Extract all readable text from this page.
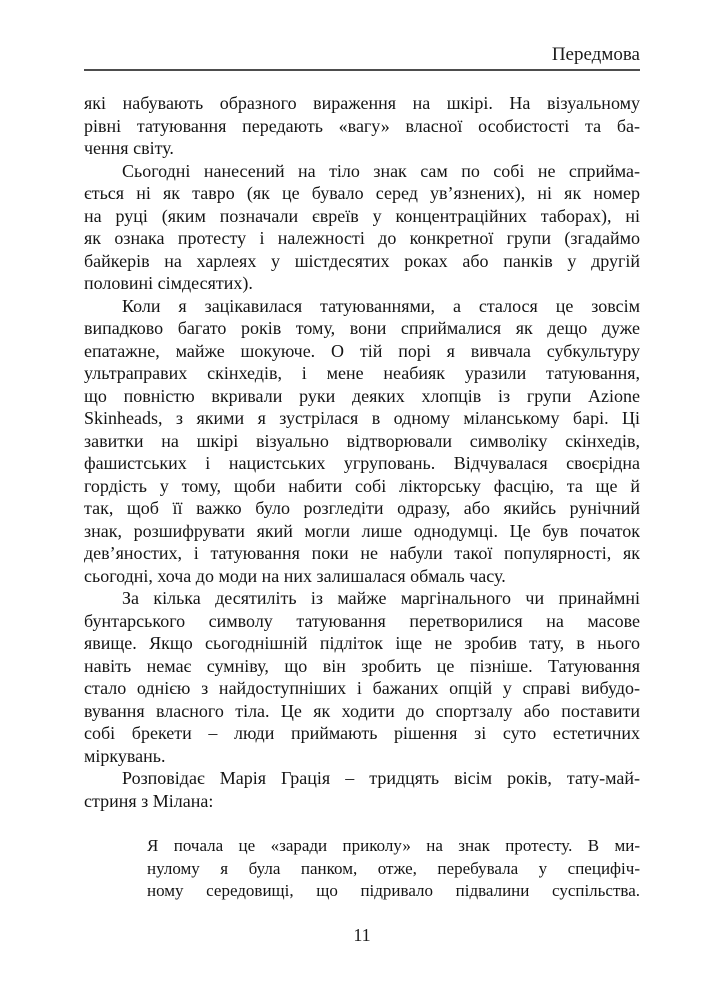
Передмова
які набувають образного вираження на шкірі. На візуальному
рівні татуювання передають «вагу» власної особистості та ба-
чення світу.
Сьогодні нанесений на тіло знак сам по собі не сприйма-
ється ні як тавро (як це бувало серед ув’язнених), ні як номер
на руці (яким позначали євреїв у концентраційних таборах), ні
як ознака протесту і належності до конкретної групи (згадаймо
байкерів на харлеях у шістдесятих роках або панків у другій
половині сімдесятих).
Коли я зацікавилася татуюваннями, а сталося це зовсім
випадково багато років тому, вони сприймалися як дещо дуже
епатажне, майже шокуюче. О тій порі я вивчала субкультуру
ультраправих скінхедів, і мене неабияк уразили татуювання,
що повністю вкривали руки деяких хлопців із групи Azione
Skinheads, з якими я зустрілася в одному міланському барі. Ці
завитки на шкірі візуально відтворювали символіку скінхедів,
фашистських і нацистських угруповань. Відчувалася своєрідна
гордість у тому, щоби набити собі лікторську фасцію, та ще й
так, щоб її важко було розгледіти одразу, або якийсь рунічний
знак, розшифрувати який могли лише однодумці. Це був початок
дев’яностих, і татуювання поки не набули такої популярності, як
сьогодні, хоча до моди на них залишалася обмаль часу.
За кілька десятиліть із майже маргінального чи принаймні
бунтарського символу татуювання перетворилися на масове
явище. Якщо сьогоднішній підліток іще не зробив тату, в нього
навіть немає сумніву, що він зробить це пізніше. Татуювання
стало однією з найдоступніших і бажаних опцій у справі вибудо-
вування власного тіла. Це як ходити до спортзалу або поставити
собі брекети – люди приймають рішення зі суто естетичних
міркувань.
Розповідає Марія Грація – тридцять вісім років, тату-май-
стриня з Мілана:
Я почала це «заради приколу» на знак протесту. В ми-
нулому я була панком, отже, перебувала у специфіч-
ному середовищі, що підривало підвалини суспільства.
11
